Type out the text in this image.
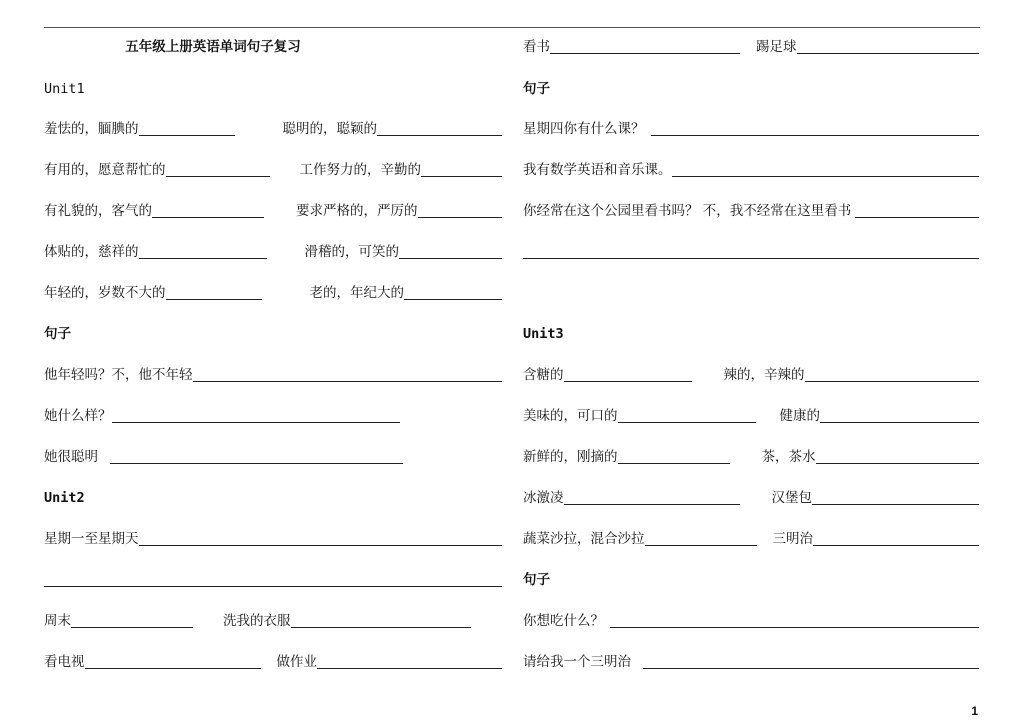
五年级上册英语单词句子复习
Unit1
羞怯的，腼腆的	聪明的，聪颖的
有用的，愿意帮忙的	工作努力的，辛勤的
有礼貌的，客气的	要求严格的，严厉的
体贴的，慈祥的	滑稽的，可笑的
年轻的，岁数不大的	老的，年纪大的
句子
他年轻吗？不，他不年轻
她什么样？
她很聪明
Unit2
星期一至星期天
周末	洗我的衣服
看电视	做作业
看书	踢足球
句子
星期四你有什么课？
我有数学英语和音乐课。
你经常在这个公园里看书吗？ 不，我不经常在这里看书
Unit3
含糖的	辣的，辛辣的
美味的，可口的	健康的
新鲜的，刚摘的	茶，茶水
冰激凌	汉堡包
蔬菜沙拉，混合沙拉	三明治
句子
你想吃什么？
请给我一个三明治
1
